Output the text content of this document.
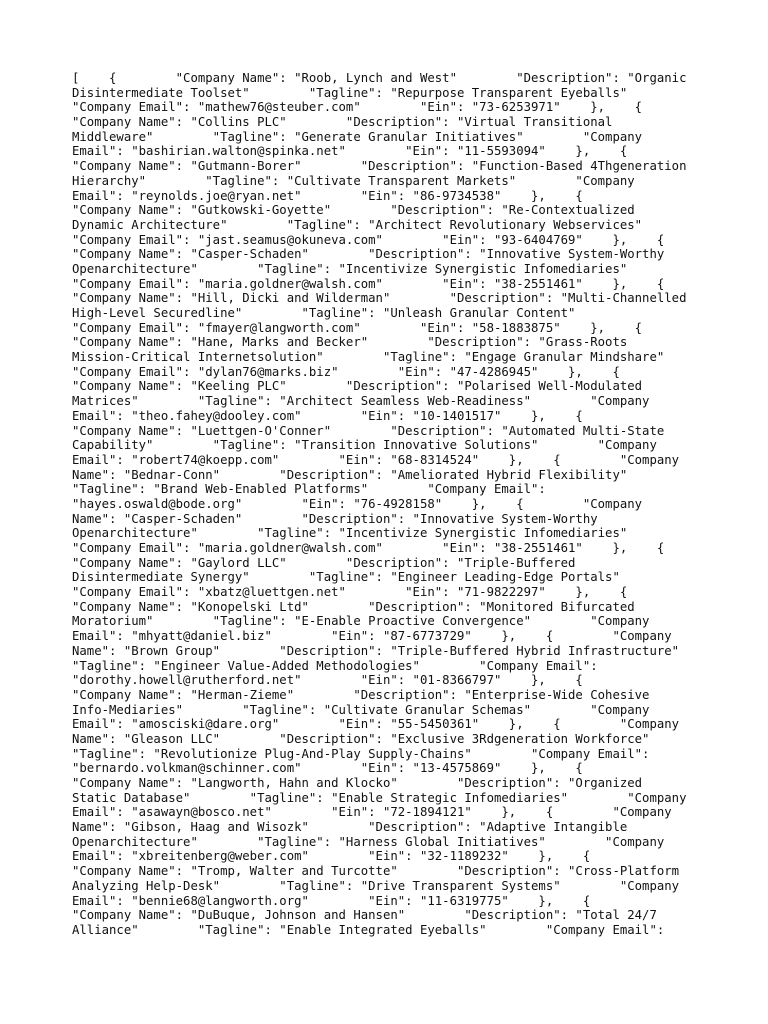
[    {        "Company Name": "Roob, Lynch and West"        "Description": "Organic
Disintermediate Toolset"        "Tagline": "Repurpose Transparent Eyeballs"
"Company Email": "mathew76@steuber.com"        "Ein": "73-6253971"    },    {
"Company Name": "Collins PLC"        "Description": "Virtual Transitional
Middleware"        "Tagline": "Generate Granular Initiatives"        "Company
Email": "bashirian.walton@spinka.net"        "Ein": "11-5593094"    },    {
"Company Name": "Gutmann-Borer"        "Description": "Function-Based 4Thgeneration
Hierarchy"        "Tagline": "Cultivate Transparent Markets"        "Company
Email": "reynolds.joe@ryan.net"        "Ein": "86-9734538"    },    {
"Company Name": "Gutkowski-Goyette"        "Description": "Re-Contextualized
Dynamic Architecture"        "Tagline": "Architect Revolutionary Webservices"
"Company Email": "jast.seamus@okuneva.com"        "Ein": "93-6404769"    },    {
"Company Name": "Casper-Schaden"        "Description": "Innovative System-Worthy
Openarchitecture"        "Tagline": "Incentivize Synergistic Infomediaries"
"Company Email": "maria.goldner@walsh.com"        "Ein": "38-2551461"    },    {
"Company Name": "Hill, Dicki and Wilderman"        "Description": "Multi-Channelled
High-Level Securedline"        "Tagline": "Unleash Granular Content"
"Company Email": "fmayer@langworth.com"        "Ein": "58-1883875"    },    {
"Company Name": "Hane, Marks and Becker"        "Description": "Grass-Roots
Mission-Critical Internetsolution"        "Tagline": "Engage Granular Mindshare"
"Company Email": "dylan76@marks.biz"        "Ein": "47-4286945"    },    {
"Company Name": "Keeling PLC"        "Description": "Polarised Well-Modulated
Matrices"        "Tagline": "Architect Seamless Web-Readiness"        "Company
Email": "theo.fahey@dooley.com"        "Ein": "10-1401517"    },    {
"Company Name": "Luettgen-O'Conner"        "Description": "Automated Multi-State
Capability"        "Tagline": "Transition Innovative Solutions"        "Company
Email": "robert74@koepp.com"        "Ein": "68-8314524"    },    {        "Company
Name": "Bednar-Conn"        "Description": "Ameliorated Hybrid Flexibility"
"Tagline": "Brand Web-Enabled Platforms"        "Company Email":
"hayes.oswald@bode.org"        "Ein": "76-4928158"    },    {        "Company
Name": "Casper-Schaden"        "Description": "Innovative System-Worthy
Openarchitecture"        "Tagline": "Incentivize Synergistic Infomediaries"
"Company Email": "maria.goldner@walsh.com"        "Ein": "38-2551461"    },    {
"Company Name": "Gaylord LLC"        "Description": "Triple-Buffered
Disintermediate Synergy"        "Tagline": "Engineer Leading-Edge Portals"
"Company Email": "xbatz@luettgen.net"        "Ein": "71-9822297"    },    {
"Company Name": "Konopelski Ltd"        "Description": "Monitored Bifurcated
Moratorium"        "Tagline": "E-Enable Proactive Convergence"        "Company
Email": "mhyatt@daniel.biz"        "Ein": "87-6773729"    },    {        "Company
Name": "Brown Group"        "Description": "Triple-Buffered Hybrid Infrastructure"
"Tagline": "Engineer Value-Added Methodologies"        "Company Email":
"dorothy.howell@rutherford.net"        "Ein": "01-8366797"    },    {
"Company Name": "Herman-Zieme"        "Description": "Enterprise-Wide Cohesive
Info-Mediaries"        "Tagline": "Cultivate Granular Schemas"        "Company
Email": "amosciski@dare.org"        "Ein": "55-5450361"    },    {        "Company
Name": "Gleason LLC"        "Description": "Exclusive 3Rdgeneration Workforce"
"Tagline": "Revolutionize Plug-And-Play Supply-Chains"        "Company Email":
"bernardo.volkman@schinner.com"        "Ein": "13-4575869"    },    {
"Company Name": "Langworth, Hahn and Klocko"        "Description": "Organized
Static Database"        "Tagline": "Enable Strategic Infomediaries"        "Company
Email": "asawayn@bosco.net"        "Ein": "72-1894121"    },    {        "Company
Name": "Gibson, Haag and Wisozk"        "Description": "Adaptive Intangible
Openarchitecture"        "Tagline": "Harness Global Initiatives"        "Company
Email": "xbreitenberg@weber.com"        "Ein": "32-1189232"    },    {
"Company Name": "Tromp, Walter and Turcotte"        "Description": "Cross-Platform
Analyzing Help-Desk"        "Tagline": "Drive Transparent Systems"        "Company
Email": "bennie68@langworth.org"        "Ein": "11-6319775"    },    {
"Company Name": "DuBuque, Johnson and Hansen"        "Description": "Total 24/7
Alliance"        "Tagline": "Enable Integrated Eyeballs"        "Company Email":
